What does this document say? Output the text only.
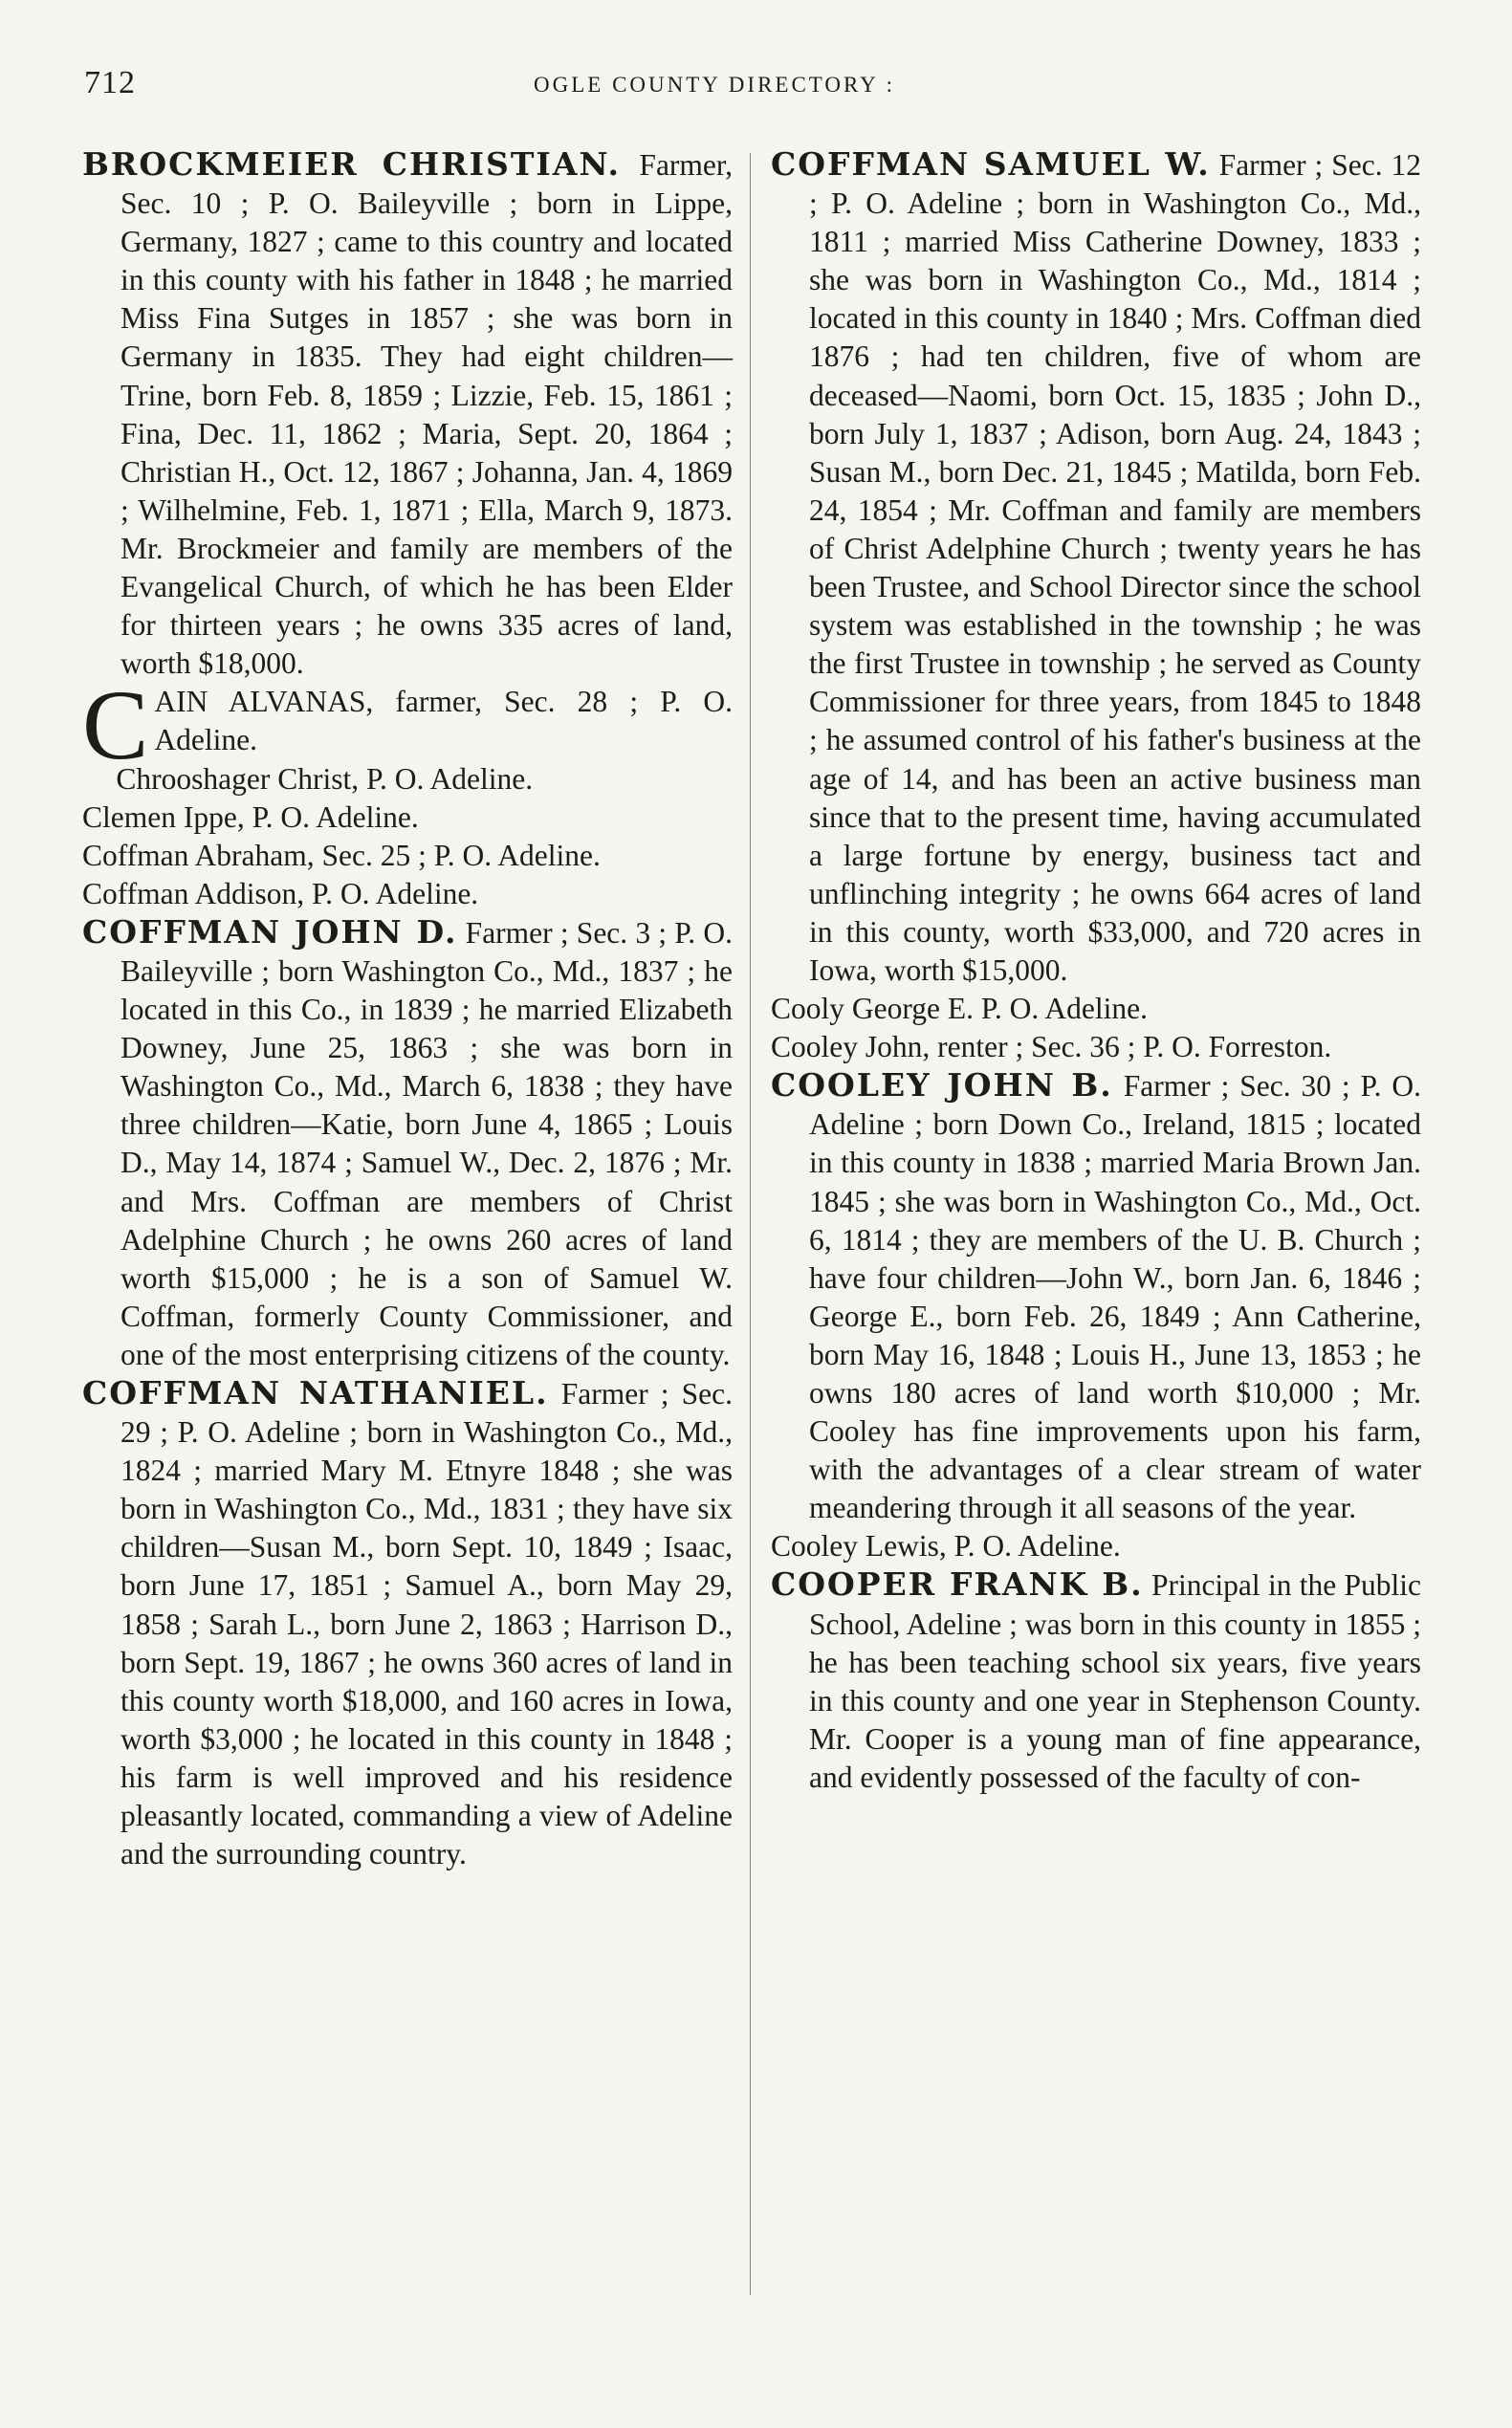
712	OGLE COUNTY DIRECTORY :

BROCKMEIER CHRISTIAN. Farmer, Sec. 10 ; P. O. Baileyville ; born in Lippe, Germany, 1827 ; came to this country and located in this county with his father in 1848 ; he married Miss Fina Sutges in 1857 ; she was born in Germany in 1835. They had eight children—Trine, born Feb. 8, 1859 ; Lizzie, Feb. 15, 1861 ; Fina, Dec. 11, 1862 ; Maria, Sept. 20, 1864 ; Christian H., Oct. 12, 1867 ; Johanna, Jan. 4, 1869 ; Wilhelmine, Feb. 1, 1871 ; Ella, March 9, 1873. Mr. Brockmeier and family are members of the Evangelical Church, of which he has been Elder for thirteen years ; he owns 335 acres of land, worth $18,000.

CAIN ALVANAS, farmer, Sec. 28 ; P. O. Adeline.

Chrooshager Christ, P. O. Adeline.

Clemen Ippe, P. O. Adeline.

Coffman Abraham, Sec. 25 ; P. O. Adeline.

Coffman Addison, P. O. Adeline.

COFFMAN JOHN D. Farmer ; Sec. 3 ; P. O. Baileyville ; born Washington Co., Md., 1837 ; he located in this Co., in 1839 ; he married Elizabeth Downey, June 25, 1863 ; she was born in Washington Co., Md., March 6, 1838 ; they have three children—Katie, born June 4, 1865 ; Louis D., May 14, 1874 ; Samuel W., Dec. 2, 1876 ; Mr. and Mrs. Coffman are members of Christ Adelphine Church ; he owns 260 acres of land worth $15,000 ; he is a son of Samuel W. Coffman, formerly County Commissioner, and one of the most enterprising citizens of the county.

COFFMAN NATHANIEL. Farmer ; Sec. 29 ; P. O. Adeline ; born in Washington Co., Md., 1824 ; married Mary M. Etnyre 1848 ; she was born in Washington Co., Md., 1831 ; they have six children—Susan M., born Sept. 10, 1849 ; Isaac, born June 17, 1851 ; Samuel A., born May 29, 1858 ; Sarah L., born June 2, 1863 ; Harrison D., born Sept. 19, 1867 ; he owns 360 acres of land in this county worth $18,000, and 160 acres in Iowa, worth $3,000 ; he located in this county in 1848 ; his farm is well improved and his residence pleasantly located, commanding a view of Adeline and the surrounding country.

COFFMAN SAMUEL W. Farmer ; Sec. 12 ; P. O. Adeline ; born in Washington Co., Md., 1811 ; married Miss Catherine Downey, 1833 ; she was born in Washington Co., Md., 1814 ; located in this county in 1840 ; Mrs. Coffman died 1876 ; had ten children, five of whom are deceased—Naomi, born Oct. 15, 1835 ; John D., born July 1, 1837 ; Adison, born Aug. 24, 1843 ; Susan M., born Dec. 21, 1845 ; Matilda, born Feb. 24, 1854 ; Mr. Coffman and family are members of Christ Adelphine Church ; twenty years he has been Trustee, and School Director since the school system was established in the township ; he was the first Trustee in township ; he served as County Commissioner for three years, from 1845 to 1848 ; he assumed control of his father's business at the age of 14, and has been an active business man since that to the present time, having accumulated a large fortune by energy, business tact and unflinching integrity ; he owns 664 acres of land in this county, worth $33,000, and 720 acres in Iowa, worth $15,000.

Cooly George E. P. O. Adeline.

Cooley John, renter ; Sec. 36 ; P. O. Forreston.

COOLEY JOHN B. Farmer ; Sec. 30 ; P. O. Adeline ; born Down Co., Ireland, 1815 ; located in this county in 1838 ; married Maria Brown Jan. 1845 ; she was born in Washington Co., Md., Oct. 6, 1814 ; they are members of the U. B. Church ; have four children—John W., born Jan. 6, 1846 ; George E., born Feb. 26, 1849 ; Ann Catherine, born May 16, 1848 ; Louis H., June 13, 1853 ; he owns 180 acres of land worth $10,000 ; Mr. Cooley has fine improvements upon his farm, with the advantages of a clear stream of water meandering through it all seasons of the year.

Cooley Lewis, P. O. Adeline.

COOPER FRANK B. Principal in the Public School, Adeline ; was born in this county in 1855 ; he has been teaching school six years, five years in this county and one year in Stephenson County. Mr. Cooper is a young man of fine appearance, and evidently possessed of the faculty of con-
